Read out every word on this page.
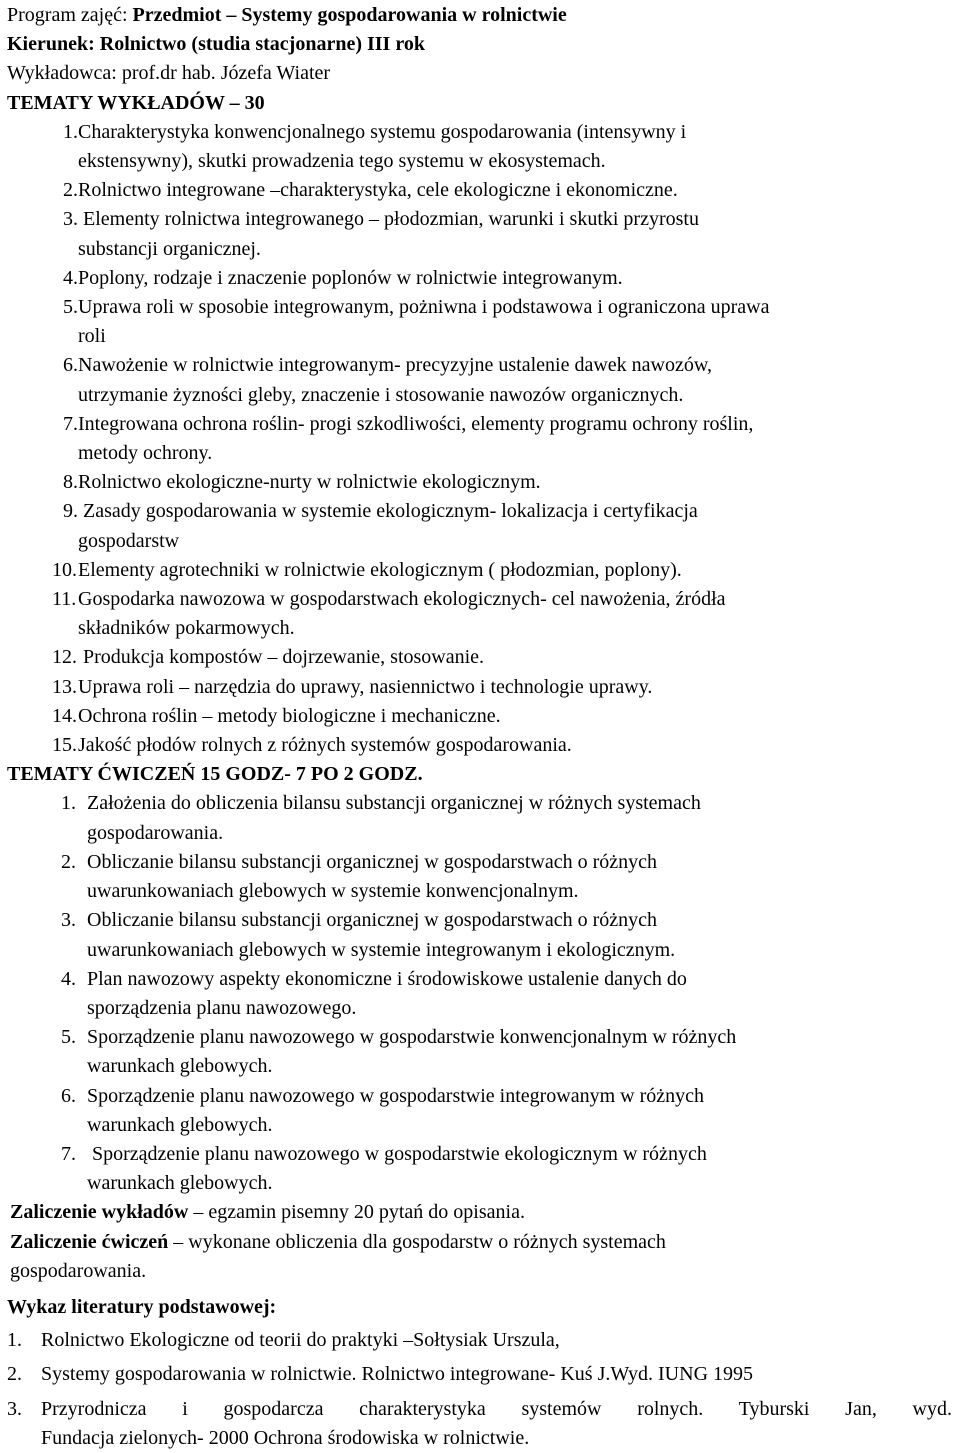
Program zajęć: Przedmiot – Systemy gospodarowania w rolnictwie
Kierunek: Rolnictwo (studia stacjonarne) III rok
Wykładowca: prof.dr hab. Józefa Wiater
TEMATY WYKŁADÓW – 30
1. Charakterystyka konwencjonalnego systemu gospodarowania (intensywny i
ekstensywny), skutki prowadzenia tego systemu w ekosystemach.
2. Rolnictwo integrowane –charakterystyka, cele ekologiczne i ekonomiczne.
3. Elementy rolnictwa integrowanego – płodozmian, warunki i skutki przyrostu
substancji organicznej.
4. Poplony, rodzaje i znaczenie poplonów w rolnictwie integrowanym.
5. Uprawa roli w sposobie integrowanym, pożniwna i podstawowa i ograniczona uprawa
roli
6. Nawożenie w rolnictwie integrowanym- precyzyjne ustalenie dawek nawozów,
utrzymanie żyzności gleby, znaczenie i stosowanie nawozów organicznych.
7. Integrowana ochrona roślin- progi szkodliwości, elementy programu ochrony roślin,
metody ochrony.
8. Rolnictwo ekologiczne-nurty w rolnictwie ekologicznym.
9. Zasady gospodarowania w systemie ekologicznym- lokalizacja i certyfikacja
gospodarstw
10. Elementy agrotechniki w rolnictwie ekologicznym ( płodozmian, poplony).
11. Gospodarka nawozowa w gospodarstwach ekologicznych- cel nawożenia, źródła
składników pokarmowych.
12. Produkcja kompostów – dojrzewanie, stosowanie.
13. Uprawa roli – narzędzia do uprawy, nasiennictwo i technologie uprawy.
14. Ochrona roślin – metody biologiczne i mechaniczne.
15. Jakość płodów rolnych z różnych systemów gospodarowania.
TEMATY ĆWICZEŃ 15 GODZ- 7 PO 2 GODZ.
1. Założenia do obliczenia bilansu substancji organicznej w różnych systemach
gospodarowania.
2. Obliczanie bilansu substancji organicznej w gospodarstwach o różnych
uwarunkowaniach glebowych w systemie konwencjonalnym.
3. Obliczanie bilansu substancji organicznej w gospodarstwach o różnych
uwarunkowaniach glebowych w systemie integrowanym i ekologicznym.
4. Plan nawozowy aspekty ekonomiczne i środowiskowe ustalenie danych do
sporządzenia planu nawozowego.
5. Sporządzenie planu nawozowego w gospodarstwie konwencjonalnym w różnych
warunkach glebowych.
6. Sporządzenie planu nawozowego w gospodarstwie integrowanym w różnych
warunkach glebowych.
7. Sporządzenie planu nawozowego w gospodarstwie ekologicznym w różnych
warunkach glebowych.
Zaliczenie wykładów – egzamin pisemny 20 pytań do opisania.
Zaliczenie ćwiczeń – wykonane obliczenia dla gospodarstw o różnych systemach
gospodarowania.
Wykaz literatury podstawowej:
1. Rolnictwo Ekologiczne od teorii do praktyki –Sołtysiak Urszula,
2. Systemy gospodarowania w rolnictwie. Rolnictwo integrowane- Kuś J.Wyd. IUNG 1995
3. Przyrodnicza i gospodarcza charakterystyka systemów rolnych. Tyburski Jan, wyd.
Fundacja zielonych- 2000 Ochrona środowiska w rolnictwie.
